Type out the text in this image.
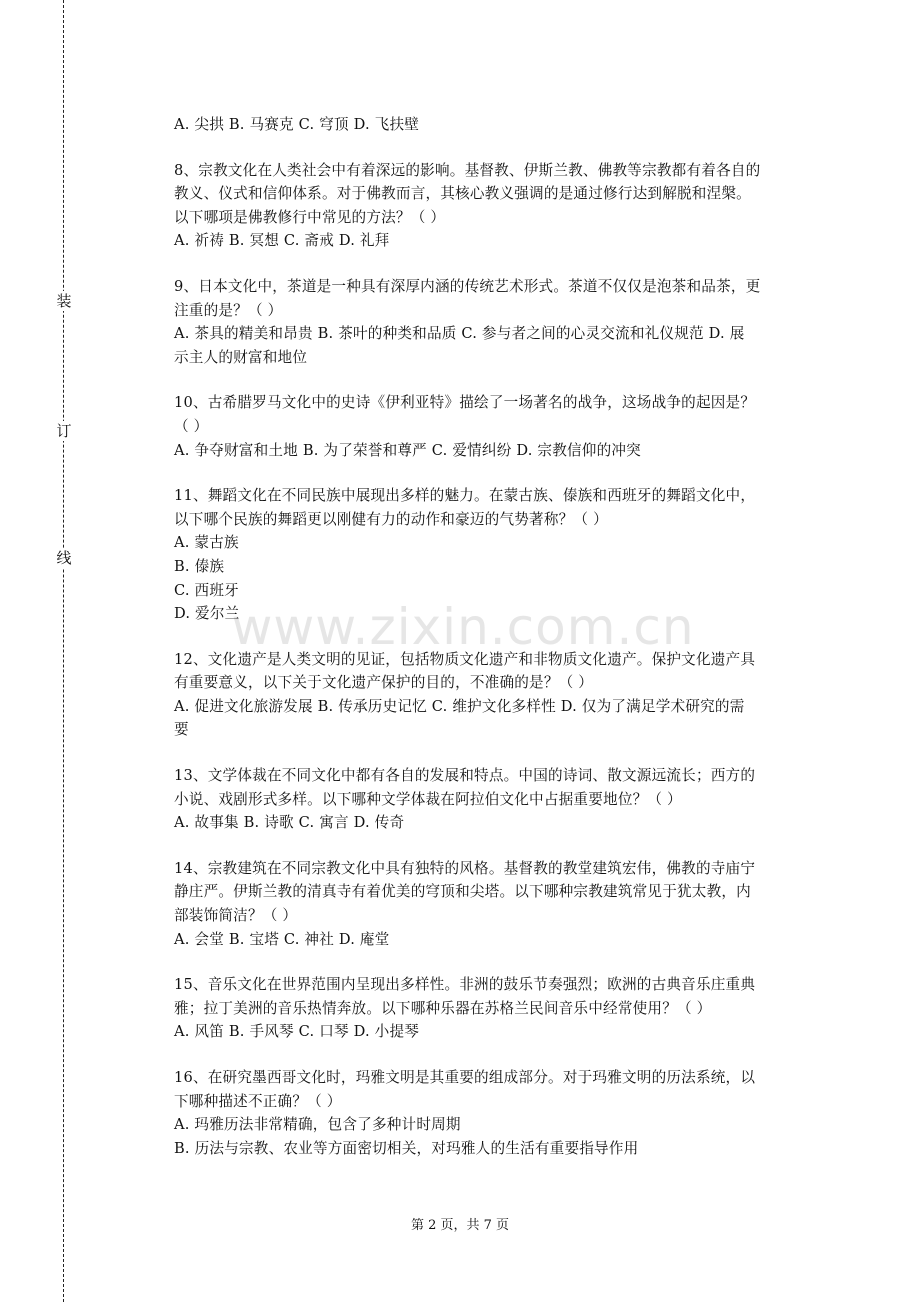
装
订
线
www.zixin.com.cn
A. 尖拱 B. 马赛克 C. 穹顶 D. 飞扶壁
8、宗教文化在人类社会中有着深远的影响。基督教、伊斯兰教、佛教等宗教都有着各自的
教义、仪式和信仰体系。对于佛教而言，其核心教义强调的是通过修行达到解脱和涅槃。
以下哪项是佛教修行中常见的方法？（ ）
A. 祈祷 B. 冥想 C. 斋戒 D. 礼拜
9、日本文化中，茶道是一种具有深厚内涵的传统艺术形式。茶道不仅仅是泡茶和品茶，更
注重的是？（ ）
A. 茶具的精美和昂贵 B. 茶叶的种类和品质 C. 参与者之间的心灵交流和礼仪规范 D. 展
示主人的财富和地位
10、古希腊罗马文化中的史诗《伊利亚特》描绘了一场著名的战争，这场战争的起因是？
（ ）
A. 争夺财富和土地 B. 为了荣誉和尊严 C. 爱情纠纷 D. 宗教信仰的冲突
11、舞蹈文化在不同民族中展现出多样的魅力。在蒙古族、傣族和西班牙的舞蹈文化中，
以下哪个民族的舞蹈更以刚健有力的动作和豪迈的气势著称？（ ）
A. 蒙古族
B. 傣族
C. 西班牙
D. 爱尔兰
12、文化遗产是人类文明的见证，包括物质文化遗产和非物质文化遗产。保护文化遗产具
有重要意义，以下关于文化遗产保护的目的，不准确的是？（ ）
A. 促进文化旅游发展 B. 传承历史记忆 C. 维护文化多样性 D. 仅为了满足学术研究的需
要
13、文学体裁在不同文化中都有各自的发展和特点。中国的诗词、散文源远流长；西方的
小说、戏剧形式多样。以下哪种文学体裁在阿拉伯文化中占据重要地位？（ ）
A. 故事集 B. 诗歌 C. 寓言 D. 传奇
14、宗教建筑在不同宗教文化中具有独特的风格。基督教的教堂建筑宏伟，佛教的寺庙宁
静庄严。伊斯兰教的清真寺有着优美的穹顶和尖塔。以下哪种宗教建筑常见于犹太教，内
部装饰简洁？（ ）
A. 会堂 B. 宝塔 C. 神社 D. 庵堂
15、音乐文化在世界范围内呈现出多样性。非洲的鼓乐节奏强烈；欧洲的古典音乐庄重典
雅；拉丁美洲的音乐热情奔放。以下哪种乐器在苏格兰民间音乐中经常使用？（ ）
A. 风笛 B. 手风琴 C. 口琴 D. 小提琴
16、在研究墨西哥文化时，玛雅文明是其重要的组成部分。对于玛雅文明的历法系统，以
下哪种描述不正确？（ ）
A. 玛雅历法非常精确，包含了多种计时周期
B. 历法与宗教、农业等方面密切相关，对玛雅人的生活有重要指导作用
第 2 页，共 7 页
